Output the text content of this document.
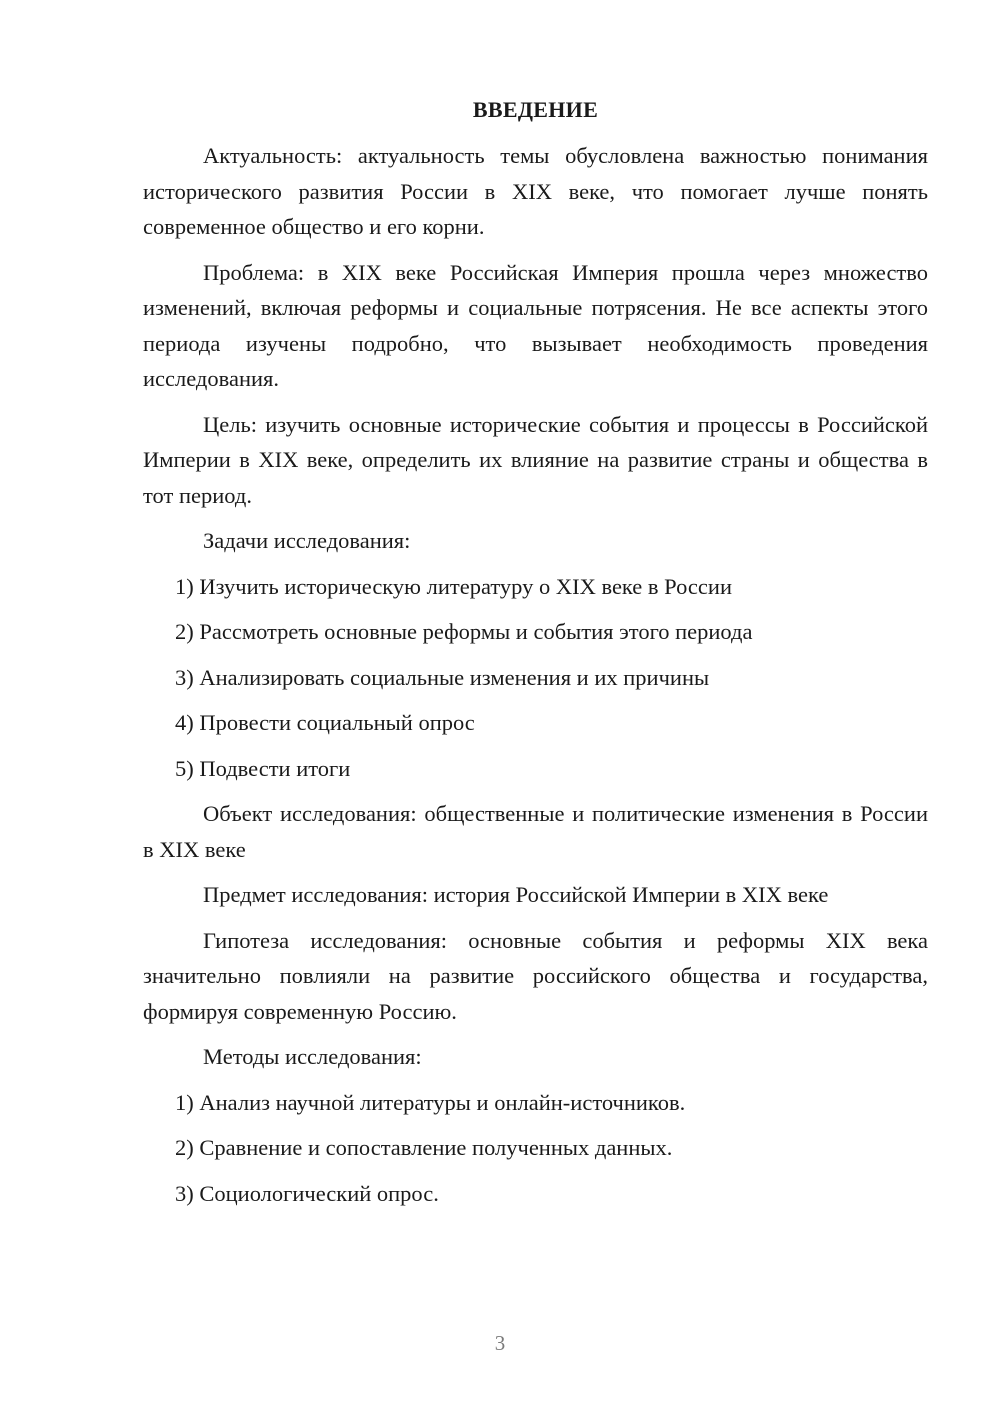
ВВЕДЕНИЕ

Актуальность: актуальность темы обусловлена важностью понимания исторического развития России в XIX веке, что помогает лучше понять современное общество и его корни.

Проблема: в XIX веке Российская Империя прошла через множество изменений, включая реформы и социальные потрясения. Не все аспекты этого периода изучены подробно, что вызывает необходимость проведения исследования.

Цель: изучить основные исторические события и процессы в Российской Империи в XIX веке, определить их влияние на развитие страны и общества в тот период.

Задачи исследования:

1) Изучить историческую литературу о XIX веке в России
2) Рассмотреть основные реформы и события этого периода
3) Анализировать социальные изменения и их причины
4) Провести социальный опрос
5) Подвести итоги

Объект исследования: общественные и политические изменения в России в XIX веке

Предмет исследования: история Российской Империи в XIX веке

Гипотеза исследования: основные события и реформы XIX века значительно повлияли на развитие российского общества и государства, формируя современную Россию.

Методы исследования:

1) Анализ научной литературы и онлайн-источников.
2) Сравнение и сопоставление полученных данных.
3) Социологический опрос.
3
